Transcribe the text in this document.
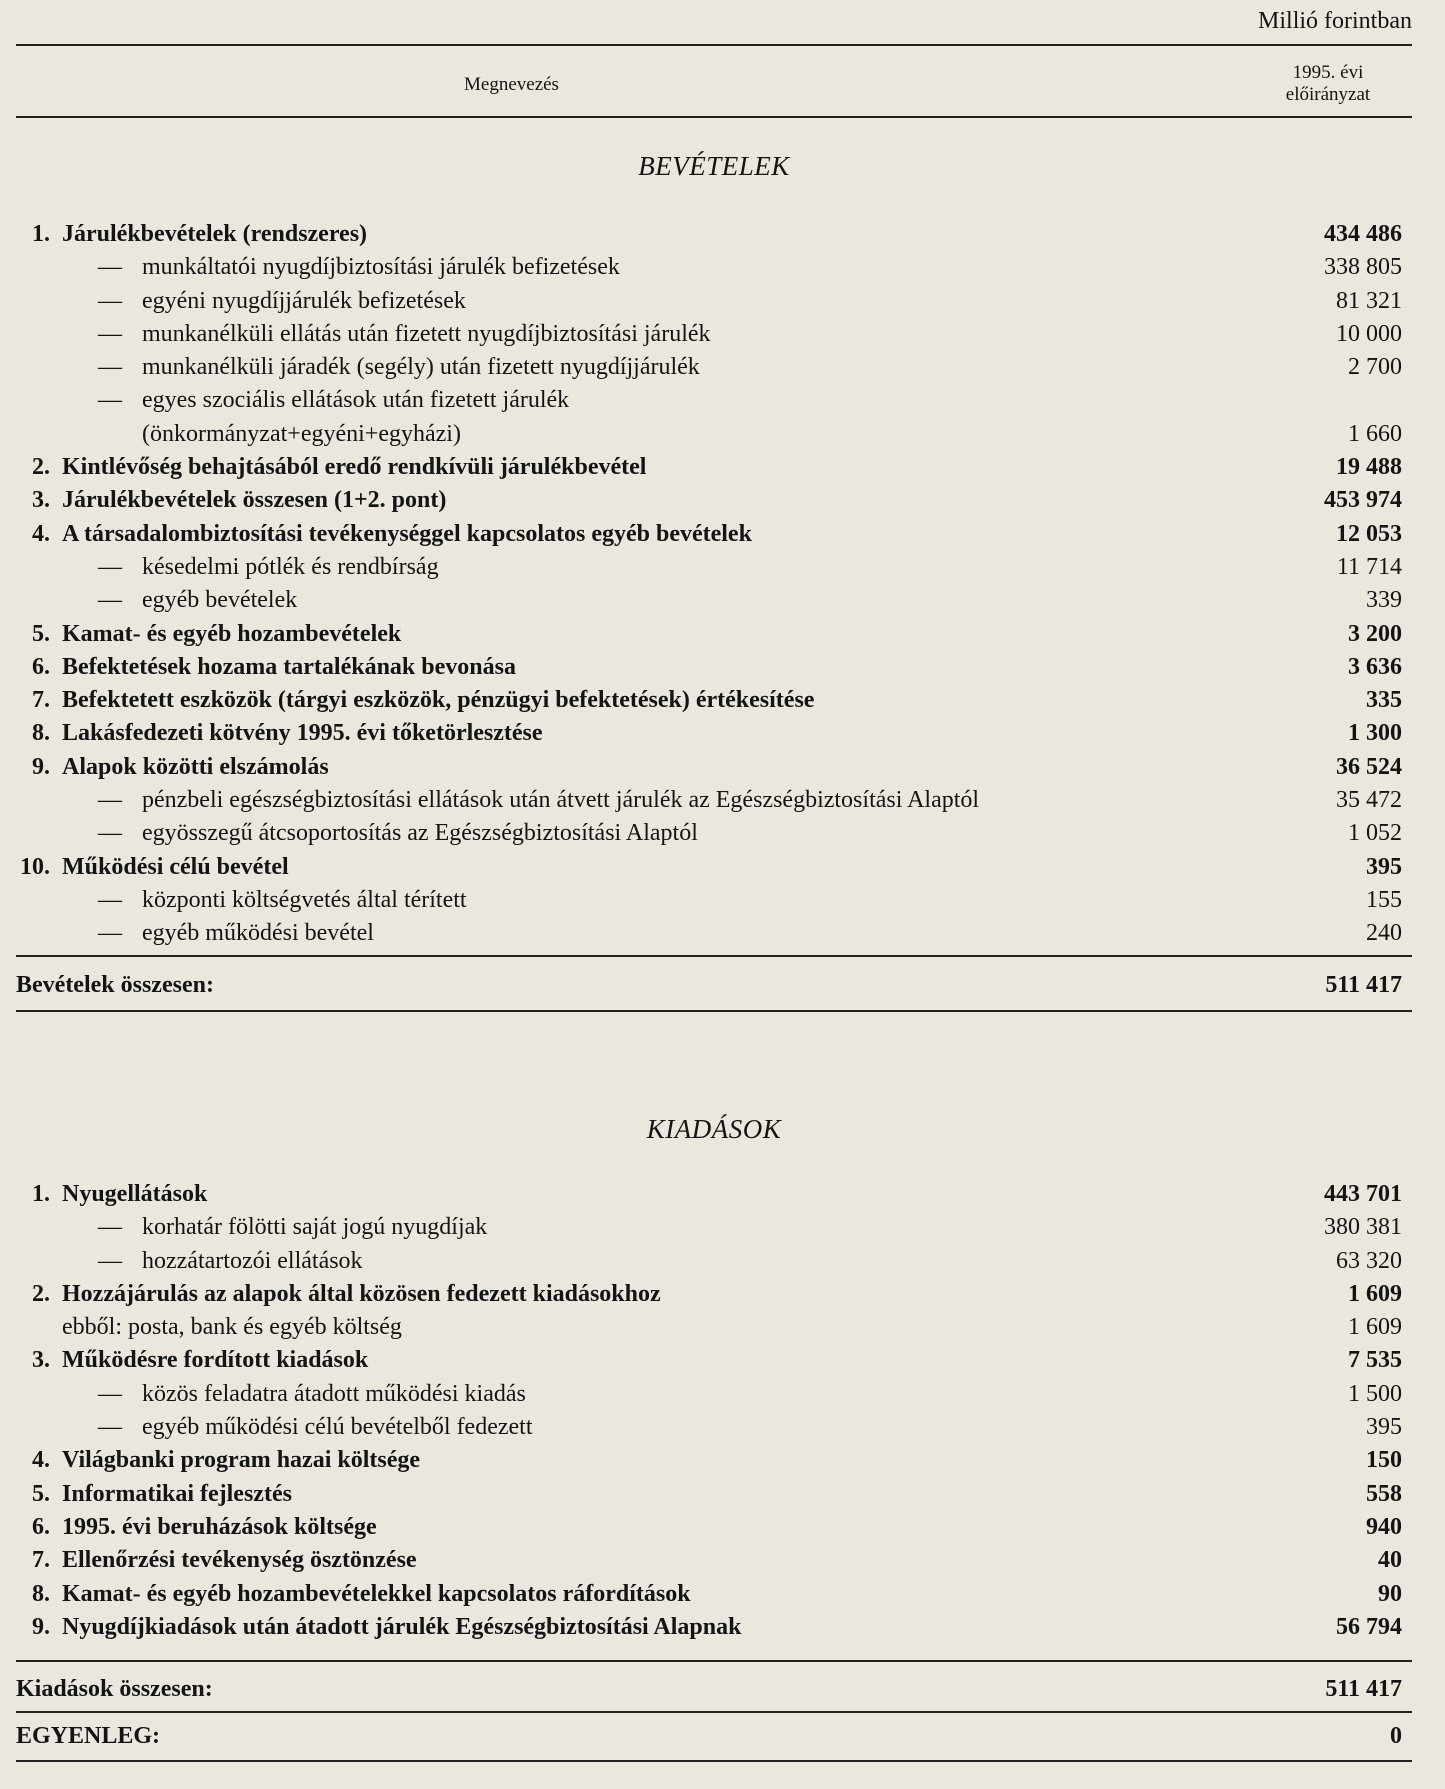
Millió forintban
Megnevezés
1995. évi
előirányzat
BEVÉTELEK
1. Járulékbevételek (rendszeres)	434 486
— munkáltatói nyugdíjbiztosítási járulék befizetések	338 805
— egyéni nyugdíjjárulék befizetések	81 321
— munkanélküli ellátás után fizetett nyugdíjbiztosítási járulék	10 000
— munkanélküli járadék (segély) után fizetett nyugdíjjárulék	2 700
— egyes szociális ellátások után fizetett járulék
(önkormányzat+egyéni+egyházi)	1 660
2. Kintlévőség behajtásából eredő rendkívüli járulékbevétel	19 488
3. Járulékbevételek összesen (1+2. pont)	453 974
4. A társadalombiztosítási tevékenységgel kapcsolatos egyéb bevételek	12 053
— késedelmi pótlék és rendbírság	11 714
— egyéb bevételek	339
5. Kamat- és egyéb hozambevételek	3 200
6. Befektetések hozama tartalékának bevonása	3 636
7. Befektetett eszközök (tárgyi eszközök, pénzügyi befektetések) értékesítése	335
8. Lakásfedezeti kötvény 1995. évi tőketörlesztése	1 300
9. Alapok közötti elszámolás	36 524
— pénzbeli egészségbiztosítási ellátások után átvett járulék az Egészségbiztosítási Alaptól	35 472
— egyösszegű átcsoportosítás az Egészségbiztosítási Alaptól	1 052
10. Működési célú bevétel	395
— központi költségvetés által térített	155
— egyéb működési bevétel	240
Bevételek összesen:	511 417
KIADÁSOK
1. Nyugellátások	443 701
— korhatár fölötti saját jogú nyugdíjak	380 381
— hozzátartozói ellátások	63 320
2. Hozzájárulás az alapok által közösen fedezett kiadásokhoz	1 609
ebből: posta, bank és egyéb költség	1 609
3. Működésre fordított kiadások	7 535
— közös feladatra átadott működési kiadás	1 500
— egyéb működési célú bevételből fedezett	395
4. Világbanki program hazai költsége	150
5. Informatikai fejlesztés	558
6. 1995. évi beruházások költsége	940
7. Ellenőrzési tevékenység ösztönzése	40
8. Kamat- és egyéb hozambevételekkel kapcsolatos ráfordítások	90
9. Nyugdíjkiadások után átadott járulék Egészségbiztosítási Alapnak	56 794
Kiadások összesen:	511 417
EGYENLEG:	0
